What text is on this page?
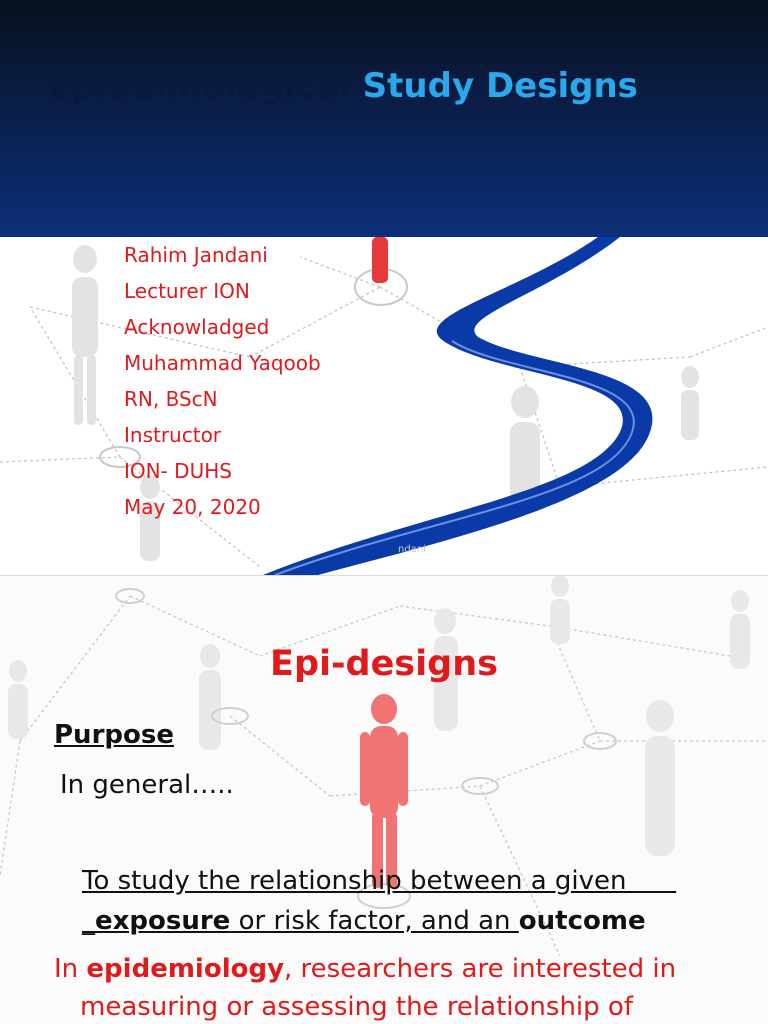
Epidemiological Study Designs
Rahim Jandani
Lecturer ION
Acknowladged
Muhammad Yaqoob
RN, BScN
Instructor
ION- DUHS
May 20, 2020
ndani
Epi-designs
Purpose
In general…..
To study the relationship between a given
_exposure or risk factor, and an outcome
In epidemiology, researchers are interested in
measuring or assessing the relationship of
